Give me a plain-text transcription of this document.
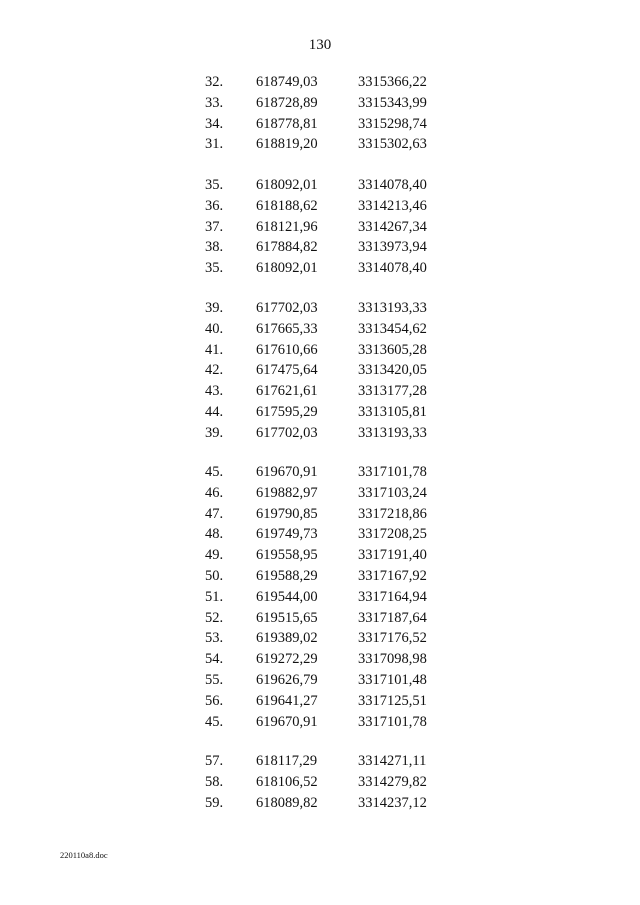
130
32. 618749,03	3315366,22
33. 618728,89	3315343,99
34. 618778,81	3315298,74
31. 618819,20	3315302,63
35. 618092,01	3314078,40
36. 618188,62	3314213,46
37. 618121,96	3314267,34
38. 617884,82	3313973,94
35. 618092,01	3314078,40
39. 617702,03	3313193,33
40. 617665,33	3313454,62
41. 617610,66	3313605,28
42. 617475,64	3313420,05
43. 617621,61	3313177,28
44. 617595,29	3313105,81
39. 617702,03	3313193,33
45. 619670,91	3317101,78
46. 619882,97	3317103,24
47. 619790,85	3317218,86
48. 619749,73	3317208,25
49. 619558,95	3317191,40
50. 619588,29	3317167,92
51. 619544,00	3317164,94
52. 619515,65	3317187,64
53. 619389,02	3317176,52
54. 619272,29	3317098,98
55. 619626,79	3317101,48
56. 619641,27	3317125,51
45. 619670,91	3317101,78
57. 618117,29	3314271,11
58. 618106,52	3314279,82
59. 618089,82	3314237,12
220110a8.doc
